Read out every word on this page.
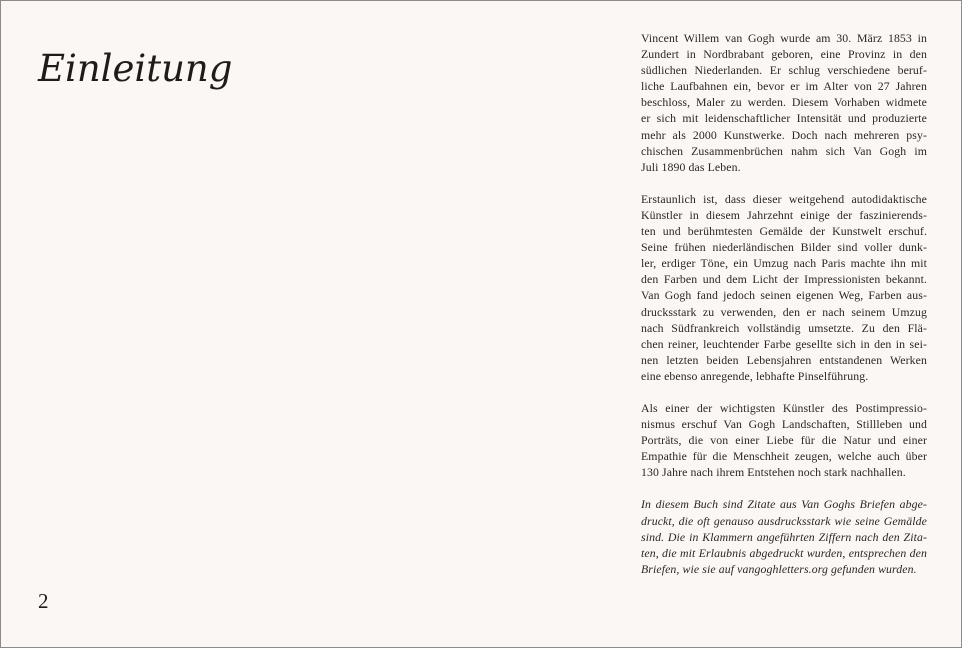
Einleitung

Vincent Willem van Gogh wurde am 30. März 1853 in
Zundert in Nordbrabant geboren, eine Provinz in den
südlichen Niederlanden. Er schlug verschiedene beruf-
liche Laufbahnen ein, bevor er im Alter von 27 Jahren
beschloss, Maler zu werden. Diesem Vorhaben widmete
er sich mit leidenschaftlicher Intensität und produzierte
mehr als 2000 Kunstwerke. Doch nach mehreren psy-
chischen Zusammenbrüchen nahm sich Van Gogh im
Juli 1890 das Leben.

Erstaunlich ist, dass dieser weitgehend autodidaktische
Künstler in diesem Jahrzehnt einige der faszinierends-
ten und berühmtesten Gemälde der Kunstwelt erschuf.
Seine frühen niederländischen Bilder sind voller dunk-
ler, erdiger Töne, ein Umzug nach Paris machte ihn mit
den Farben und dem Licht der Impressionisten bekannt.
Van Gogh fand jedoch seinen eigenen Weg, Farben aus-
drucksstark zu verwenden, den er nach seinem Umzug
nach Südfrankreich vollständig umsetzte. Zu den Flä-
chen reiner, leuchtender Farbe gesellte sich in den in sei-
nen letzten beiden Lebensjahren entstandenen Werken
eine ebenso anregende, lebhafte Pinselführung.

Als einer der wichtigsten Künstler des Postimpressio-
nismus erschuf Van Gogh Landschaften, Stillleben und
Porträts, die von einer Liebe für die Natur und einer
Empathie für die Menschheit zeugen, welche auch über
130 Jahre nach ihrem Entstehen noch stark nachhallen.

In diesem Buch sind Zitate aus Van Goghs Briefen abge-
druckt, die oft genauso ausdrucksstark wie seine Gemälde
sind. Die in Klammern angeführten Ziffern nach den Zita-
ten, die mit Erlaubnis abgedruckt wurden, entsprechen den
Briefen, wie sie auf vangoghletters.org gefunden wurden.

2
